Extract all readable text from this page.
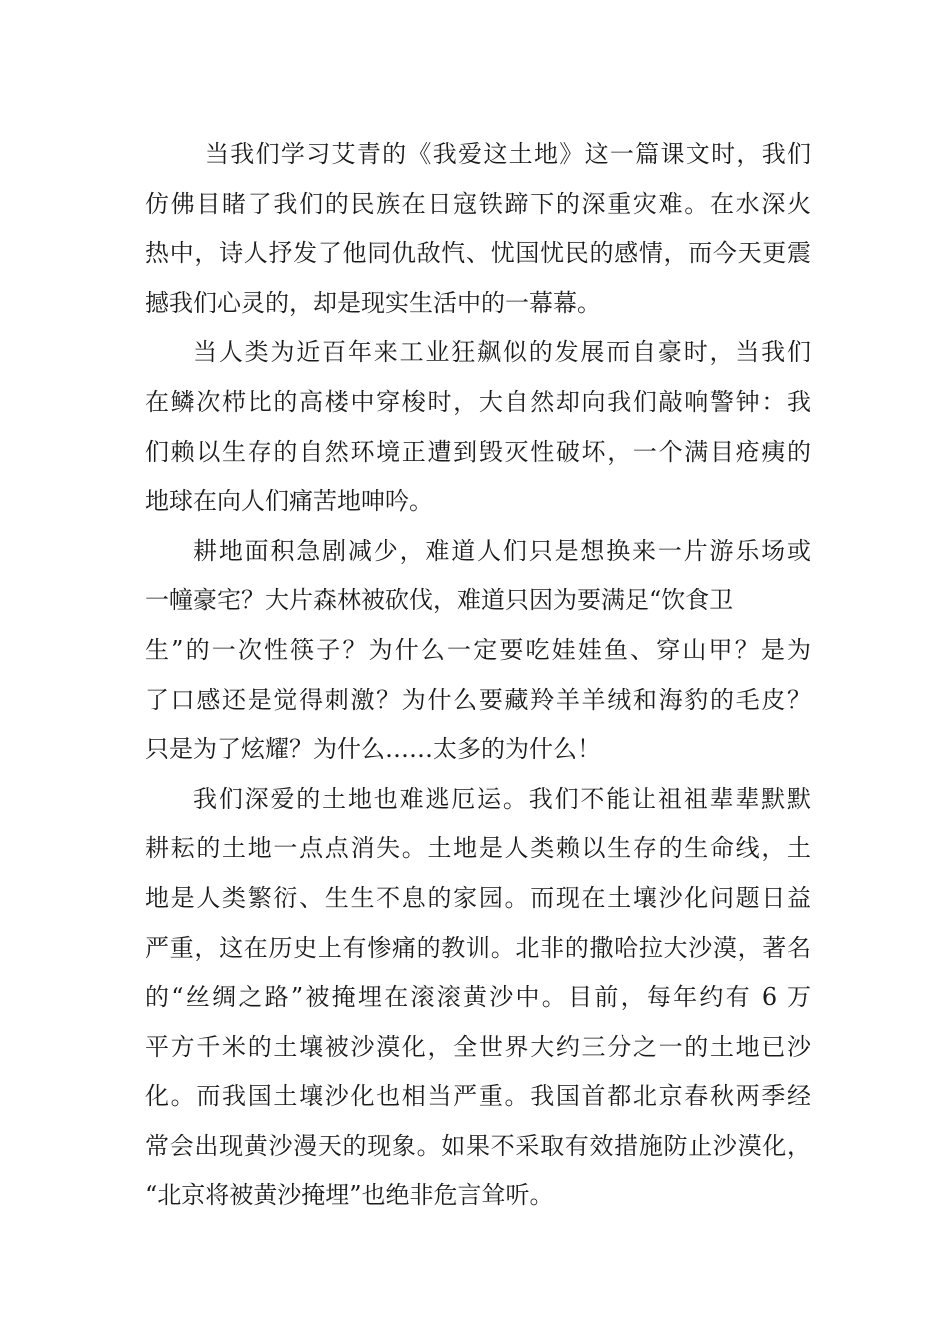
当我们学习艾青的《我爱这土地》这一篇课文时，我们
仿佛目睹了我们的民族在日寇铁蹄下的深重灾难。在水深火
热中，诗人抒发了他同仇敌忾、忧国忧民的感情，而今天更震
撼我们心灵的，却是现实生活中的一幕幕。
当人类为近百年来工业狂飙似的发展而自豪时，当我们
在鳞次栉比的高楼中穿梭时，大自然却向我们敲响警钟：我
们赖以生存的自然环境正遭到毁灭性破坏，一个满目疮痍的
地球在向人们痛苦地呻吟。
耕地面积急剧减少，难道人们只是想换来一片游乐场或
一幢豪宅？大片森林被砍伐，难道只因为要满足“饮食卫
生”的一次性筷子？为什么一定要吃娃娃鱼、穿山甲？是为
了口感还是觉得刺激？为什么要藏羚羊羊绒和海豹的毛皮？
只是为了炫耀？为什么……太多的为什么！
我们深爱的土地也难逃厄运。我们不能让祖祖辈辈默默
耕耘的土地一点点消失。土地是人类赖以生存的生命线，土
地是人类繁衍、生生不息的家园。而现在土壤沙化问题日益
严重，这在历史上有惨痛的教训。北非的撒哈拉大沙漠，著名
的“丝绸之路”被掩埋在滚滚黄沙中。目前，每年约有 6 万
平方千米的土壤被沙漠化，全世界大约三分之一的土地已沙
化。而我国土壤沙化也相当严重。我国首都北京春秋两季经
常会出现黄沙漫天的现象。如果不采取有效措施防止沙漠化，
“北京将被黄沙掩埋”也绝非危言耸听。
